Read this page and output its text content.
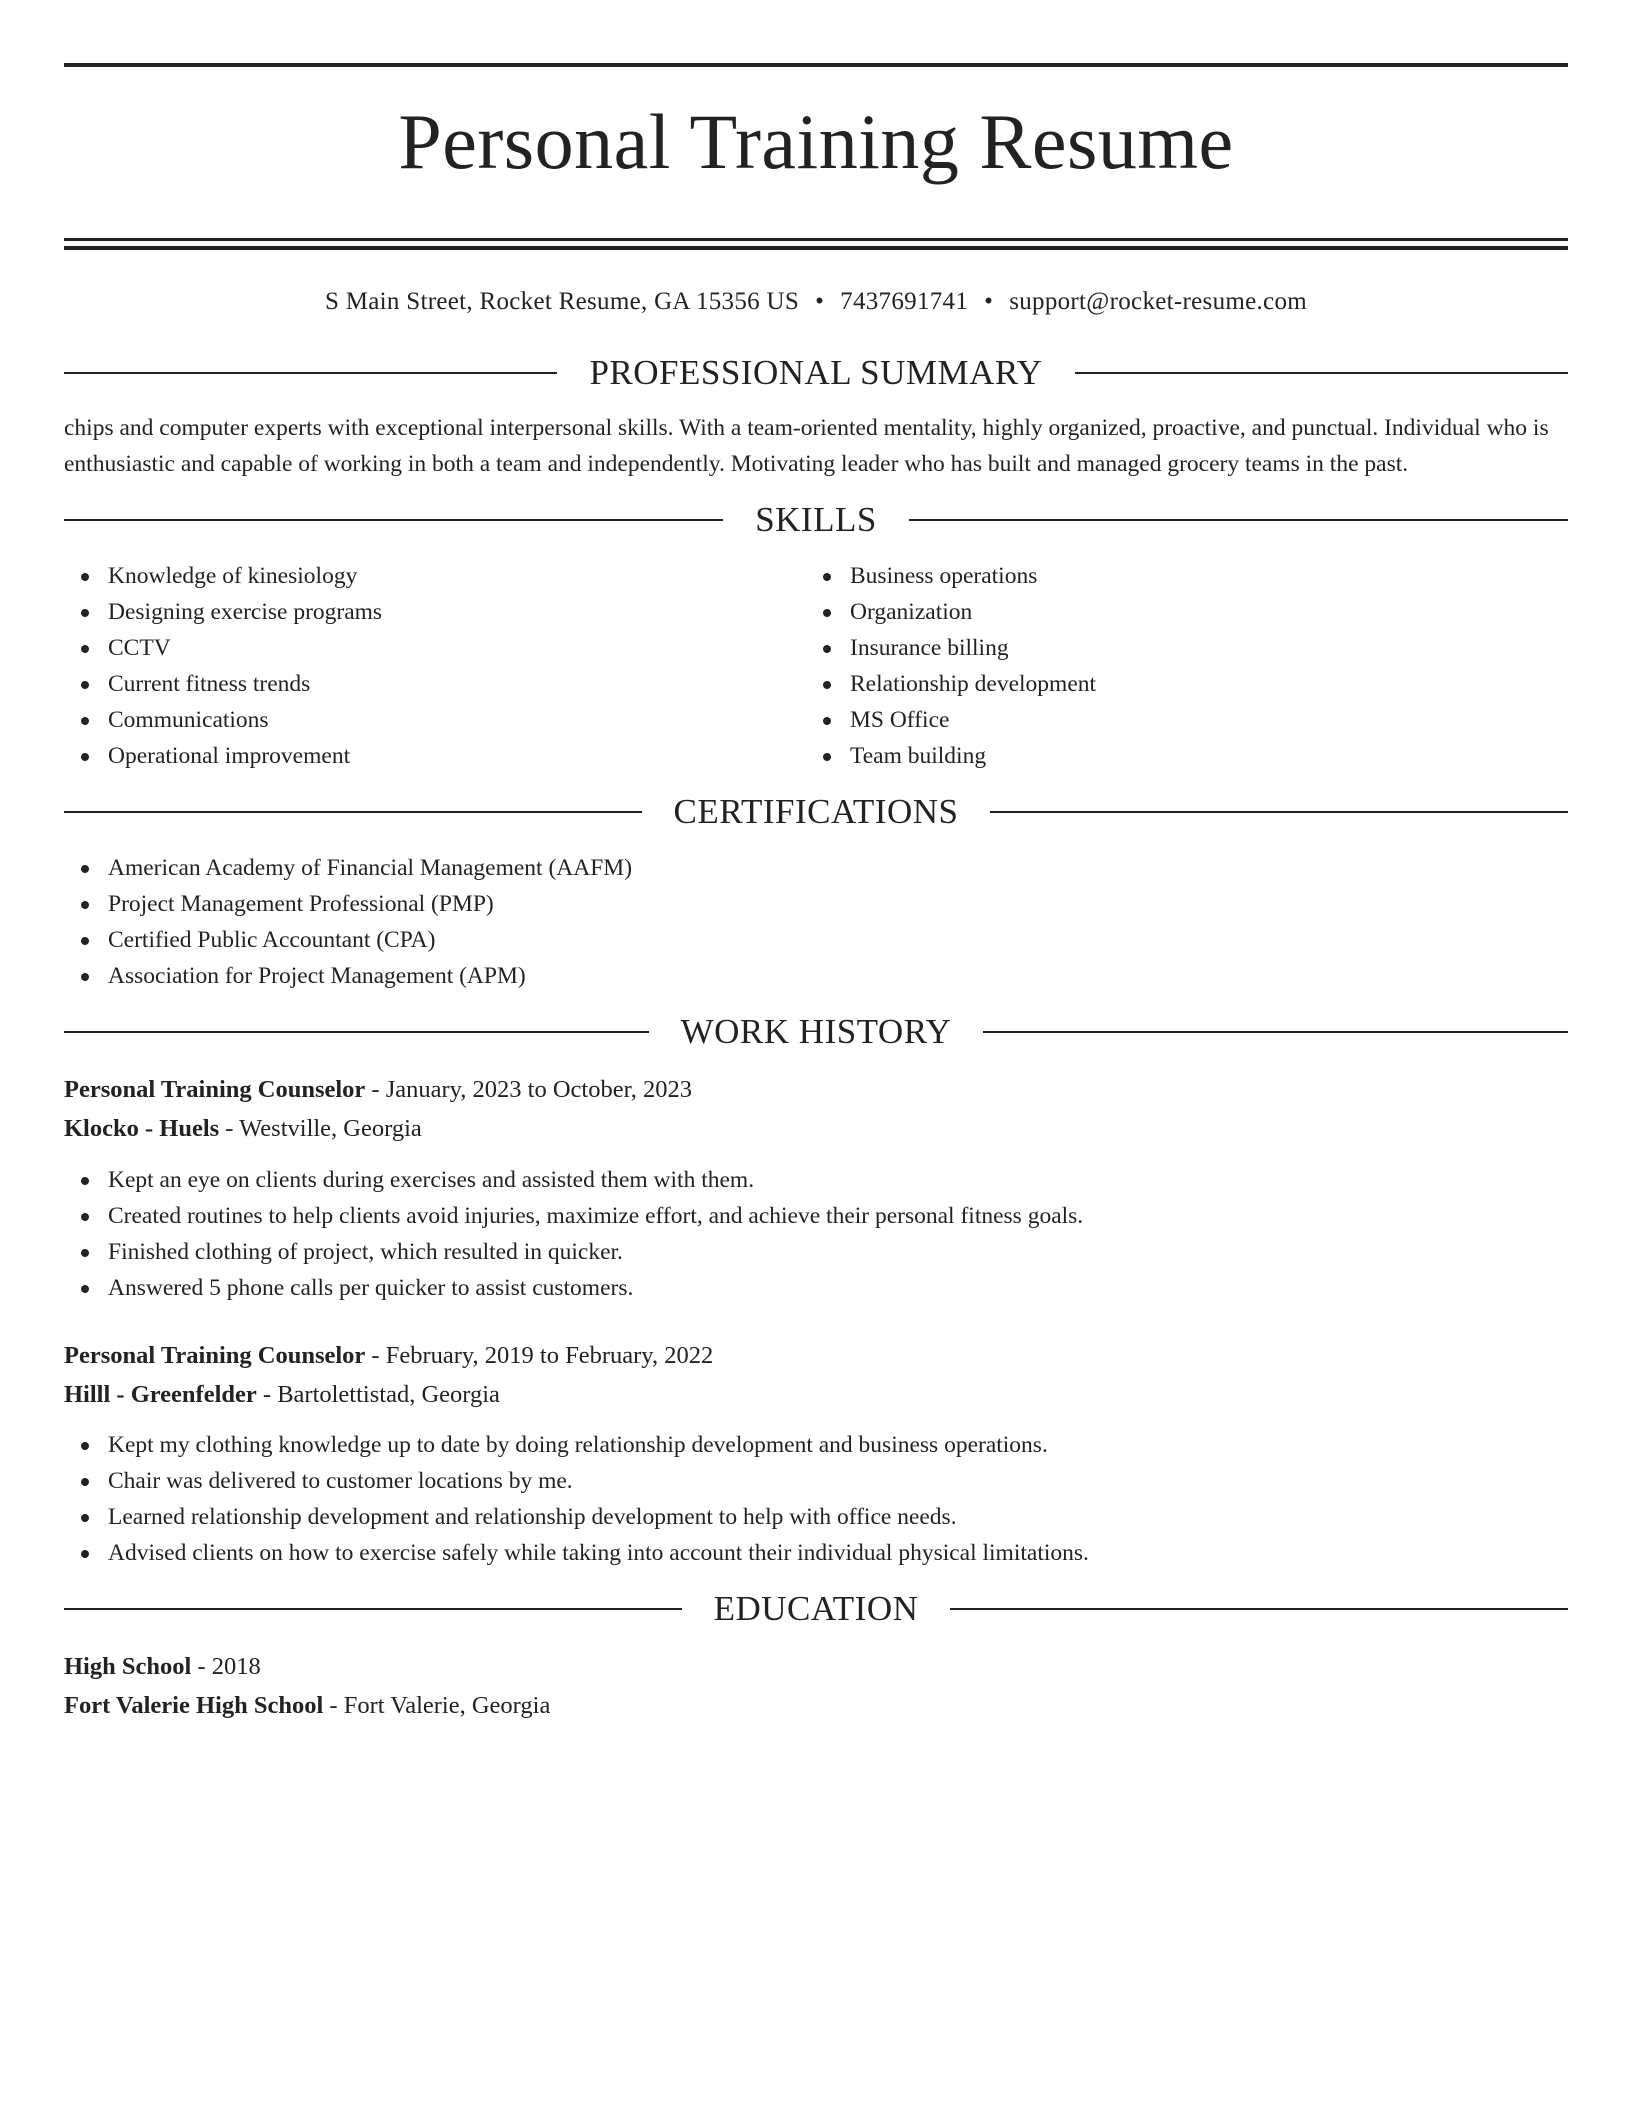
Personal Training Resume
S Main Street, Rocket Resume, GA 15356 US • 7437691741 • support@rocket-resume.com
PROFESSIONAL SUMMARY

chips and computer experts with exceptional interpersonal skills. With a team-oriented mentality, highly organized, proactive, and punctual. Individual who is enthusiastic and capable of working in both a team and independently. Motivating leader who has built and managed grocery teams in the past.

SKILLS
Knowledge of kinesiology
Designing exercise programs
CCTV
Current fitness trends
Communications
Operational improvement
Business operations
Organization
Insurance billing
Relationship development
MS Office
Team building
CERTIFICATIONS
American Academy of Financial Management (AAFM)
Project Management Professional (PMP)
Certified Public Accountant (CPA)
Association for Project Management (APM)
WORK HISTORY
Personal Training Counselor - January, 2023 to October, 2023
Klocko - Huels - Westville, Georgia
Kept an eye on clients during exercises and assisted them with them.
Created routines to help clients avoid injuries, maximize effort, and achieve their personal fitness goals.
Finished clothing of project, which resulted in quicker.
Answered 5 phone calls per quicker to assist customers.
Personal Training Counselor - February, 2019 to February, 2022
Hilll - Greenfelder - Bartolettistad, Georgia
Kept my clothing knowledge up to date by doing relationship development and business operations.
Chair was delivered to customer locations by me.
Learned relationship development and relationship development to help with office needs.
Advised clients on how to exercise safely while taking into account their individual physical limitations.
EDUCATION
High School - 2018
Fort Valerie High School - Fort Valerie, Georgia
